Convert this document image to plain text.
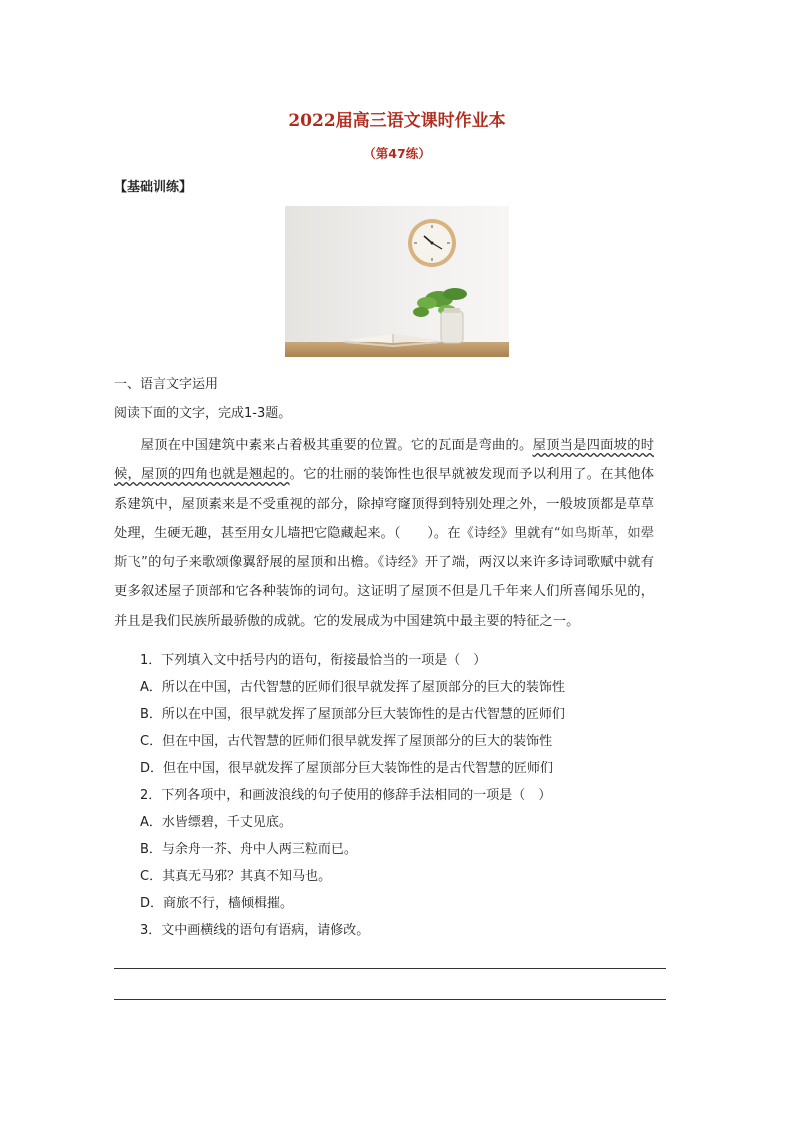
2022届高三语文课时作业本
（第47练）
【基础训练】
一、语言文字运用
阅读下面的文字，完成1-3题。

屋顶在中国建筑中素来占着极其重要的位置。它的瓦面是弯曲的。屋顶当是四面坡的时候，屋顶的四角也就是翘起的。它的壮丽的装饰性也很早就被发现而予以利用了。在其他体系建筑中，屋顶素来是不受重视的部分，除掉穹窿顶得到特别处理之外，一般坡顶都是草草处理，生硬无趣，甚至用女儿墙把它隐藏起来。（　　）。在《诗经》里就有“如鸟斯革，如翚斯飞”的句子来歌颂像翼舒展的屋顶和出檐。《诗经》开了端，两汉以来许多诗词歌赋中就有更多叙述屋子顶部和它各种装饰的词句。这证明了屋顶不但是几千年来人们所喜闻乐见的，并且是我们民族所最骄傲的成就。它的发展成为中国建筑中最主要的特征之一。

1．下列填入文中括号内的语句，衔接最恰当的一项是（　）
A．所以在中国，古代智慧的匠师们很早就发挥了屋顶部分的巨大的装饰性
B．所以在中国，很早就发挥了屋顶部分巨大装饰性的是古代智慧的匠师们
C．但在中国，古代智慧的匠师们很早就发挥了屋顶部分的巨大的装饰性
D．但在中国，很早就发挥了屋顶部分巨大装饰性的是古代智慧的匠师们
2．下列各项中，和画波浪线的句子使用的修辞手法相同的一项是（　）
A．水皆缥碧，千丈见底。
B．与余舟一芥、舟中人两三粒而已。
C．其真无马邪？其真不知马也。
D．商旅不行，樯倾楫摧。
3．文中画横线的语句有语病，请修改。
